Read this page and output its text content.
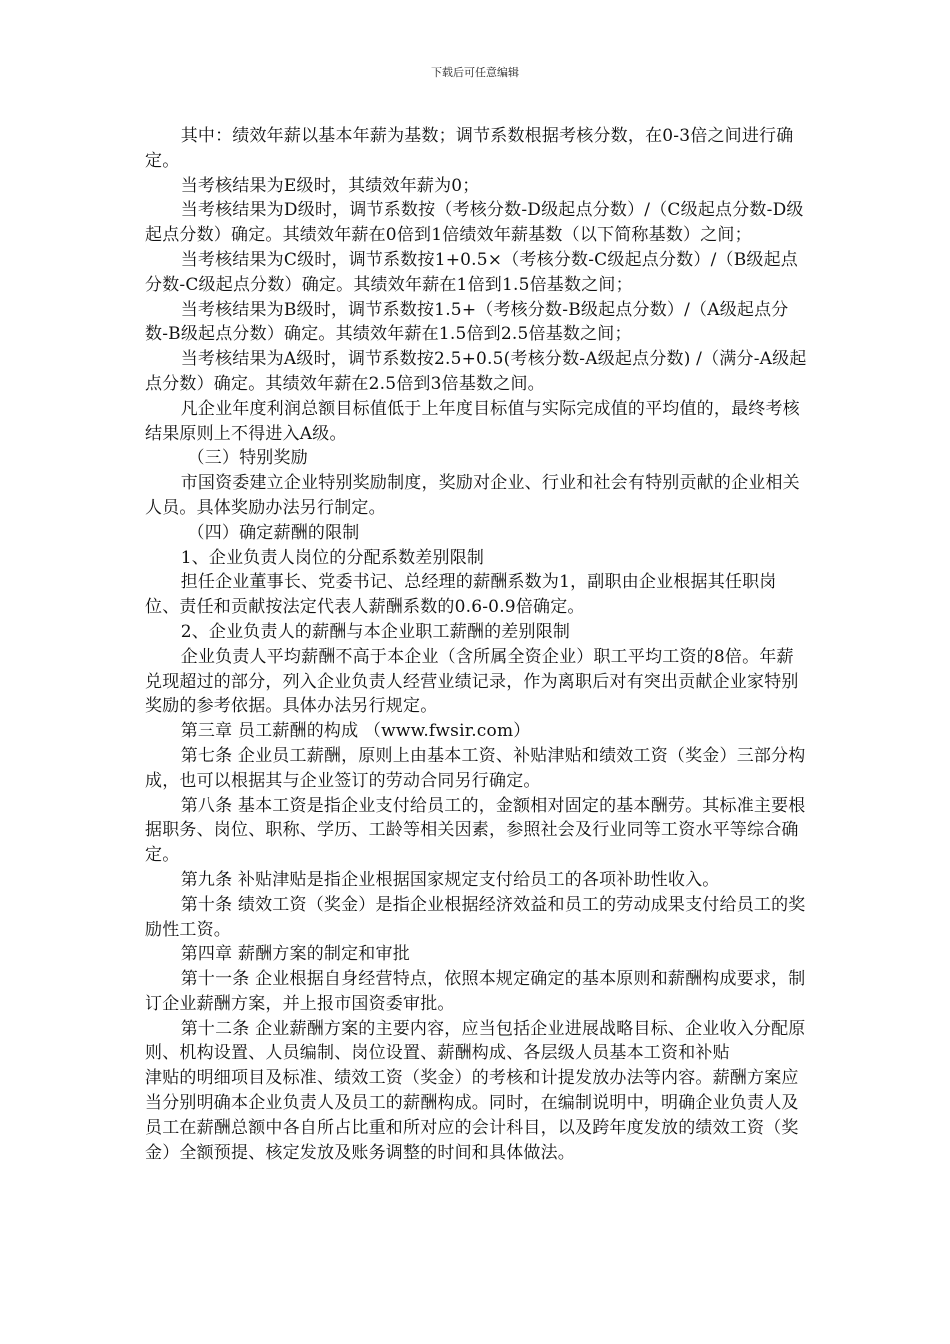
下载后可任意编辑

其中：绩效年薪以基本年薪为基数；调节系数根据考核分数，在0-3倍之间进行确定。

当考核结果为E级时，其绩效年薪为0；

当考核结果为D级时，调节系数按（考核分数-D级起点分数）/（C级起点分数-D级起点分数）确定。其绩效年薪在0倍到1倍绩效年薪基数（以下简称基数）之间；

当考核结果为C级时，调节系数按1+0.5×（考核分数-C级起点分数）/（B级起点分数-C级起点分数）确定。其绩效年薪在1倍到1.5倍基数之间；

当考核结果为B级时，调节系数按1.5+（考核分数-B级起点分数）/（A级起点分数-B级起点分数）确定。其绩效年薪在1.5倍到2.5倍基数之间；

当考核结果为A级时，调节系数按2.5+0.5(考核分数-A级起点分数) /（满分-A级起点分数）确定。其绩效年薪在2.5倍到3倍基数之间。

凡企业年度利润总额目标值低于上年度目标值与实际完成值的平均值的，最终考核结果原则上不得进入A级。

（三）特别奖励

市国资委建立企业特别奖励制度，奖励对企业、行业和社会有特别贡献的企业相关人员。具体奖励办法另行制定。

（四）确定薪酬的限制

1、企业负责人岗位的分配系数差别限制

担任企业董事长、党委书记、总经理的薪酬系数为1，副职由企业根据其任职岗位、责任和贡献按法定代表人薪酬系数的0.6-0.9倍确定。

2、企业负责人的薪酬与本企业职工薪酬的差别限制

企业负责人平均薪酬不高于本企业（含所属全资企业）职工平均工资的8倍。年薪兑现超过的部分，列入企业负责人经营业绩记录，作为离职后对有突出贡献企业家特别奖励的参考依据。具体办法另行规定。

第三章 员工薪酬的构成 （www.fwsir.com）

第七条 企业员工薪酬，原则上由基本工资、补贴津贴和绩效工资（奖金）三部分构成，也可以根据其与企业签订的劳动合同另行确定。

第八条 基本工资是指企业支付给员工的，金额相对固定的基本酬劳。其标准主要根据职务、岗位、职称、学历、工龄等相关因素，参照社会及行业同等工资水平等综合确定。

第九条 补贴津贴是指企业根据国家规定支付给员工的各项补助性收入。

第十条 绩效工资（奖金）是指企业根据经济效益和员工的劳动成果支付给员工的奖励性工资。

第四章 薪酬方案的制定和审批

第十一条 企业根据自身经营特点，依照本规定确定的基本原则和薪酬构成要求，制订企业薪酬方案，并上报市国资委审批。

第十二条 企业薪酬方案的主要内容，应当包括企业进展战略目标、企业收入分配原则、机构设置、人员编制、岗位设置、薪酬构成、各层级人员基本工资和补贴

津贴的明细项目及标准、绩效工资（奖金）的考核和计提发放办法等内容。薪酬方案应当分别明确本企业负责人及员工的薪酬构成。同时，在编制说明中，明确企业负责人及员工在薪酬总额中各自所占比重和所对应的会计科目，以及跨年度发放的绩效工资（奖金）全额预提、核定发放及账务调整的时间和具体做法。
